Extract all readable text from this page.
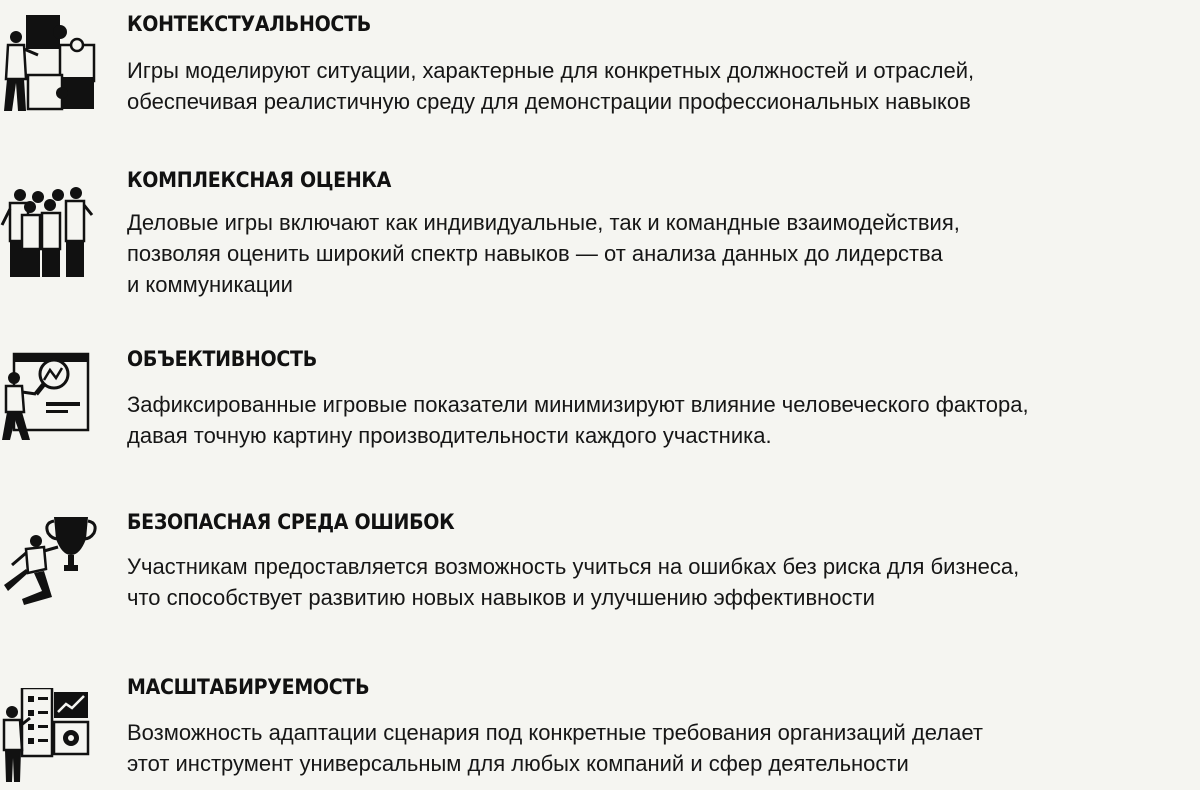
КОНТЕКСТУАЛЬНОСТЬ

Игры моделируют ситуации, характерные для конкретных должностей и отраслей,
обеспечивая реалистичную среду для демонстрации профессиональных навыков

КОМПЛЕКСНАЯ ОЦЕНКА

Деловые игры включают как индивидуальные, так и командные взаимодействия,
позволяя оценить широкий спектр навыков — от анализа данных до лидерства
и коммуникации

ОБЪЕКТИВНОСТЬ

Зафиксированные игровые показатели минимизируют влияние человеческого фактора,
давая точную картину производительности каждого участника.

БЕЗОПАСНАЯ СРЕДА ОШИБОК

Участникам предоставляется возможность учиться на ошибках без риска для бизнеса,
что способствует развитию новых навыков и улучшению эффективности

МАСШТАБИРУЕМОСТЬ

Возможность адаптации сценария под конкретные требования организаций делает
этот инструмент универсальным для любых компаний и сфер деятельности
